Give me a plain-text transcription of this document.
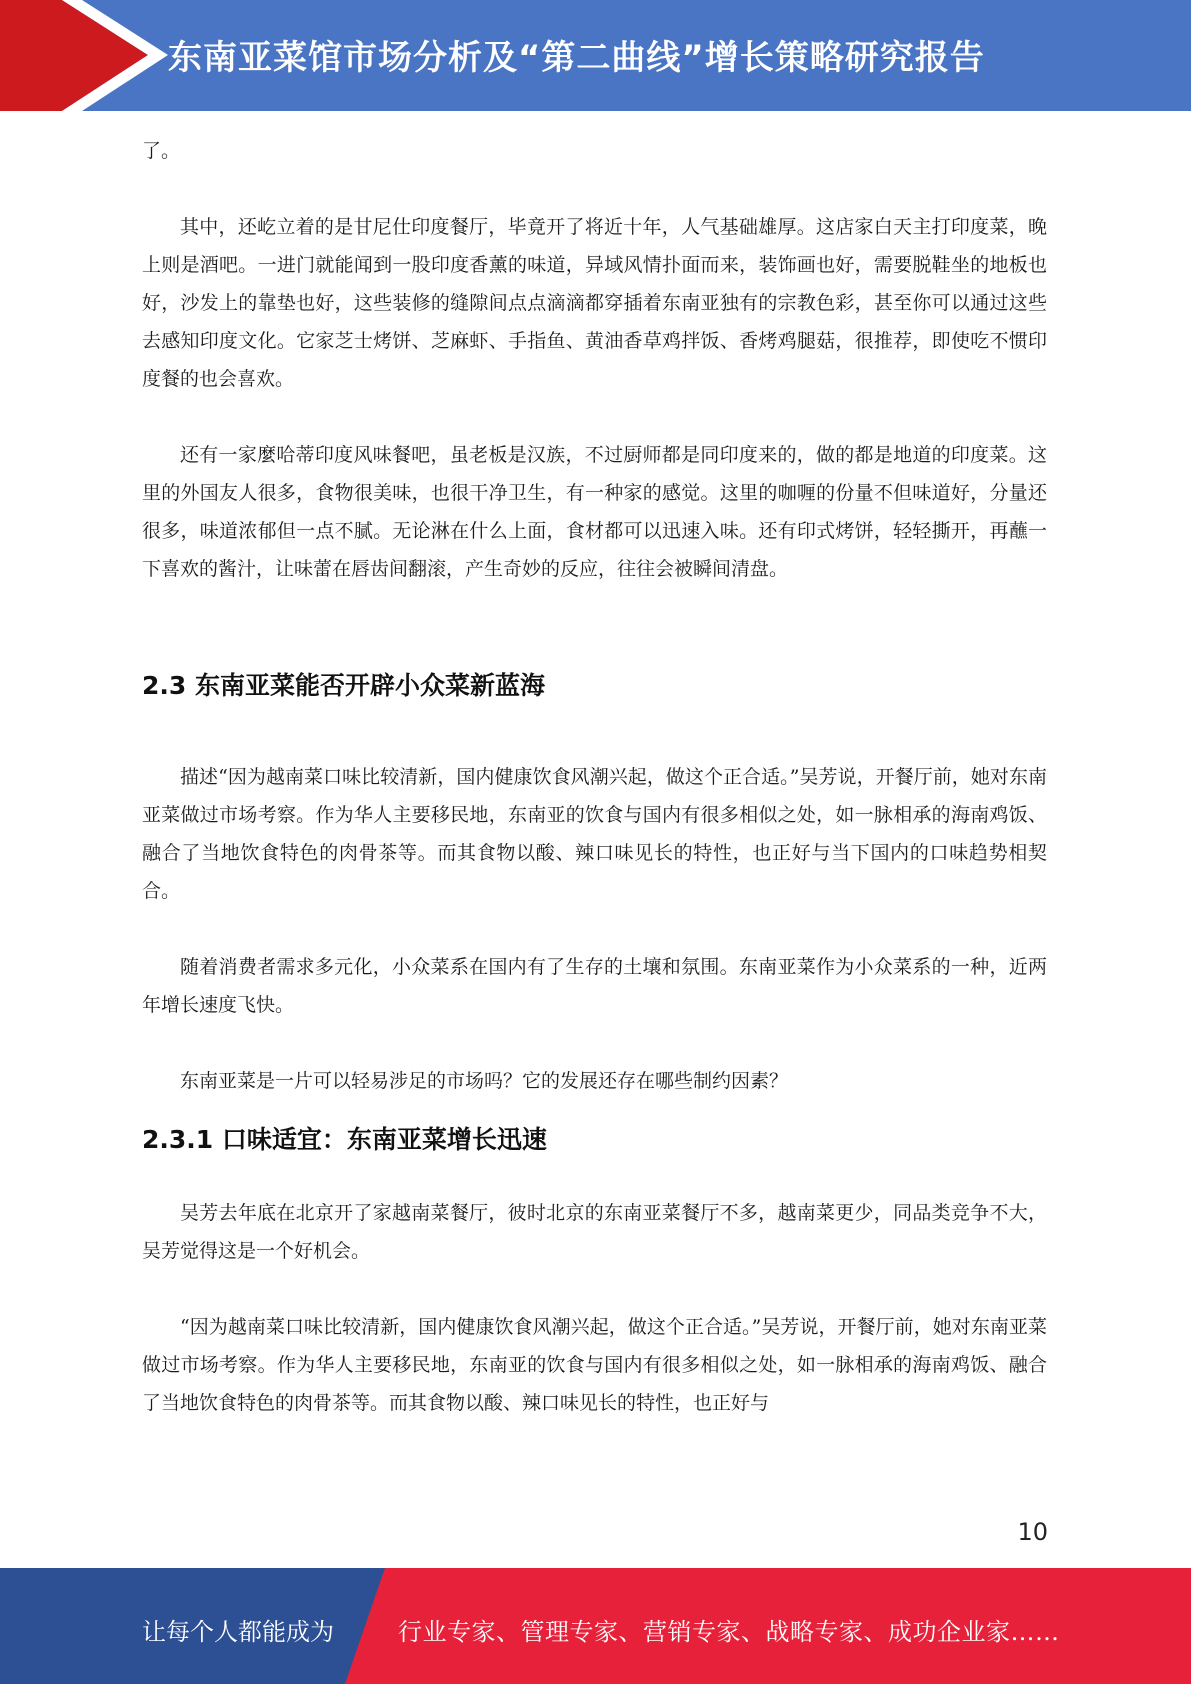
东南亚菜馆市场分析及“第二曲线”增长策略研究报告

了。

其中，还屹立着的是甘尼仕印度餐厅，毕竟开了将近十年，人气基础雄厚。这店家白天主打印度菜，晚上则是酒吧。一进门就能闻到一股印度香薰的味道，异域风情扑面而来，装饰画也好，需要脱鞋坐的地板也好，沙发上的靠垫也好，这些装修的缝隙间点点滴滴都穿插着东南亚独有的宗教色彩，甚至你可以通过这些去感知印度文化。它家芝士烤饼、芝麻虾、手指鱼、黄油香草鸡拌饭、香烤鸡腿菇，很推荐，即使吃不惯印度餐的也会喜欢。

还有一家麼哈蒂印度风味餐吧，虽老板是汉族，不过厨师都是同印度来的，做的都是地道的印度菜。这里的外国友人很多，食物很美味，也很干净卫生，有一种家的感觉。这里的咖喱的份量不但味道好，分量还很多，味道浓郁但一点不腻。无论淋在什么上面，食材都可以迅速入味。还有印式烤饼，轻轻撕开，再蘸一下喜欢的酱汁，让味蕾在唇齿间翻滚，产生奇妙的反应，往往会被瞬间清盘。

2.3 东南亚菜能否开辟小众菜新蓝海

描述“因为越南菜口味比较清新，国内健康饮食风潮兴起，做这个正合适。”吴芳说，开餐厅前，她对东南亚菜做过市场考察。作为华人主要移民地，东南亚的饮食与国内有很多相似之处，如一脉相承的海南鸡饭、融合了当地饮食特色的肉骨茶等。而其食物以酸、辣口味见长的特性，也正好与当下国内的口味趋势相契合。

随着消费者需求多元化，小众菜系在国内有了生存的土壤和氛围。东南亚菜作为小众菜系的一种，近两年增长速度飞快。

东南亚菜是一片可以轻易涉足的市场吗？它的发展还存在哪些制约因素？

2.3.1 口味适宜：东南亚菜增长迅速

吴芳去年底在北京开了家越南菜餐厅，彼时北京的东南亚菜餐厅不多，越南菜更少，同品类竞争不大，吴芳觉得这是一个好机会。

“因为越南菜口味比较清新，国内健康饮食风潮兴起，做这个正合适。”吴芳说，开餐厅前，她对东南亚菜做过市场考察。作为华人主要移民地，东南亚的饮食与国内有很多相似之处，如一脉相承的海南鸡饭、融合了当地饮食特色的肉骨茶等。而其食物以酸、辣口味见长的特性，也正好与

10
让每个人都能成为	行业专家、管理专家、营销专家、战略专家、成功企业家……
